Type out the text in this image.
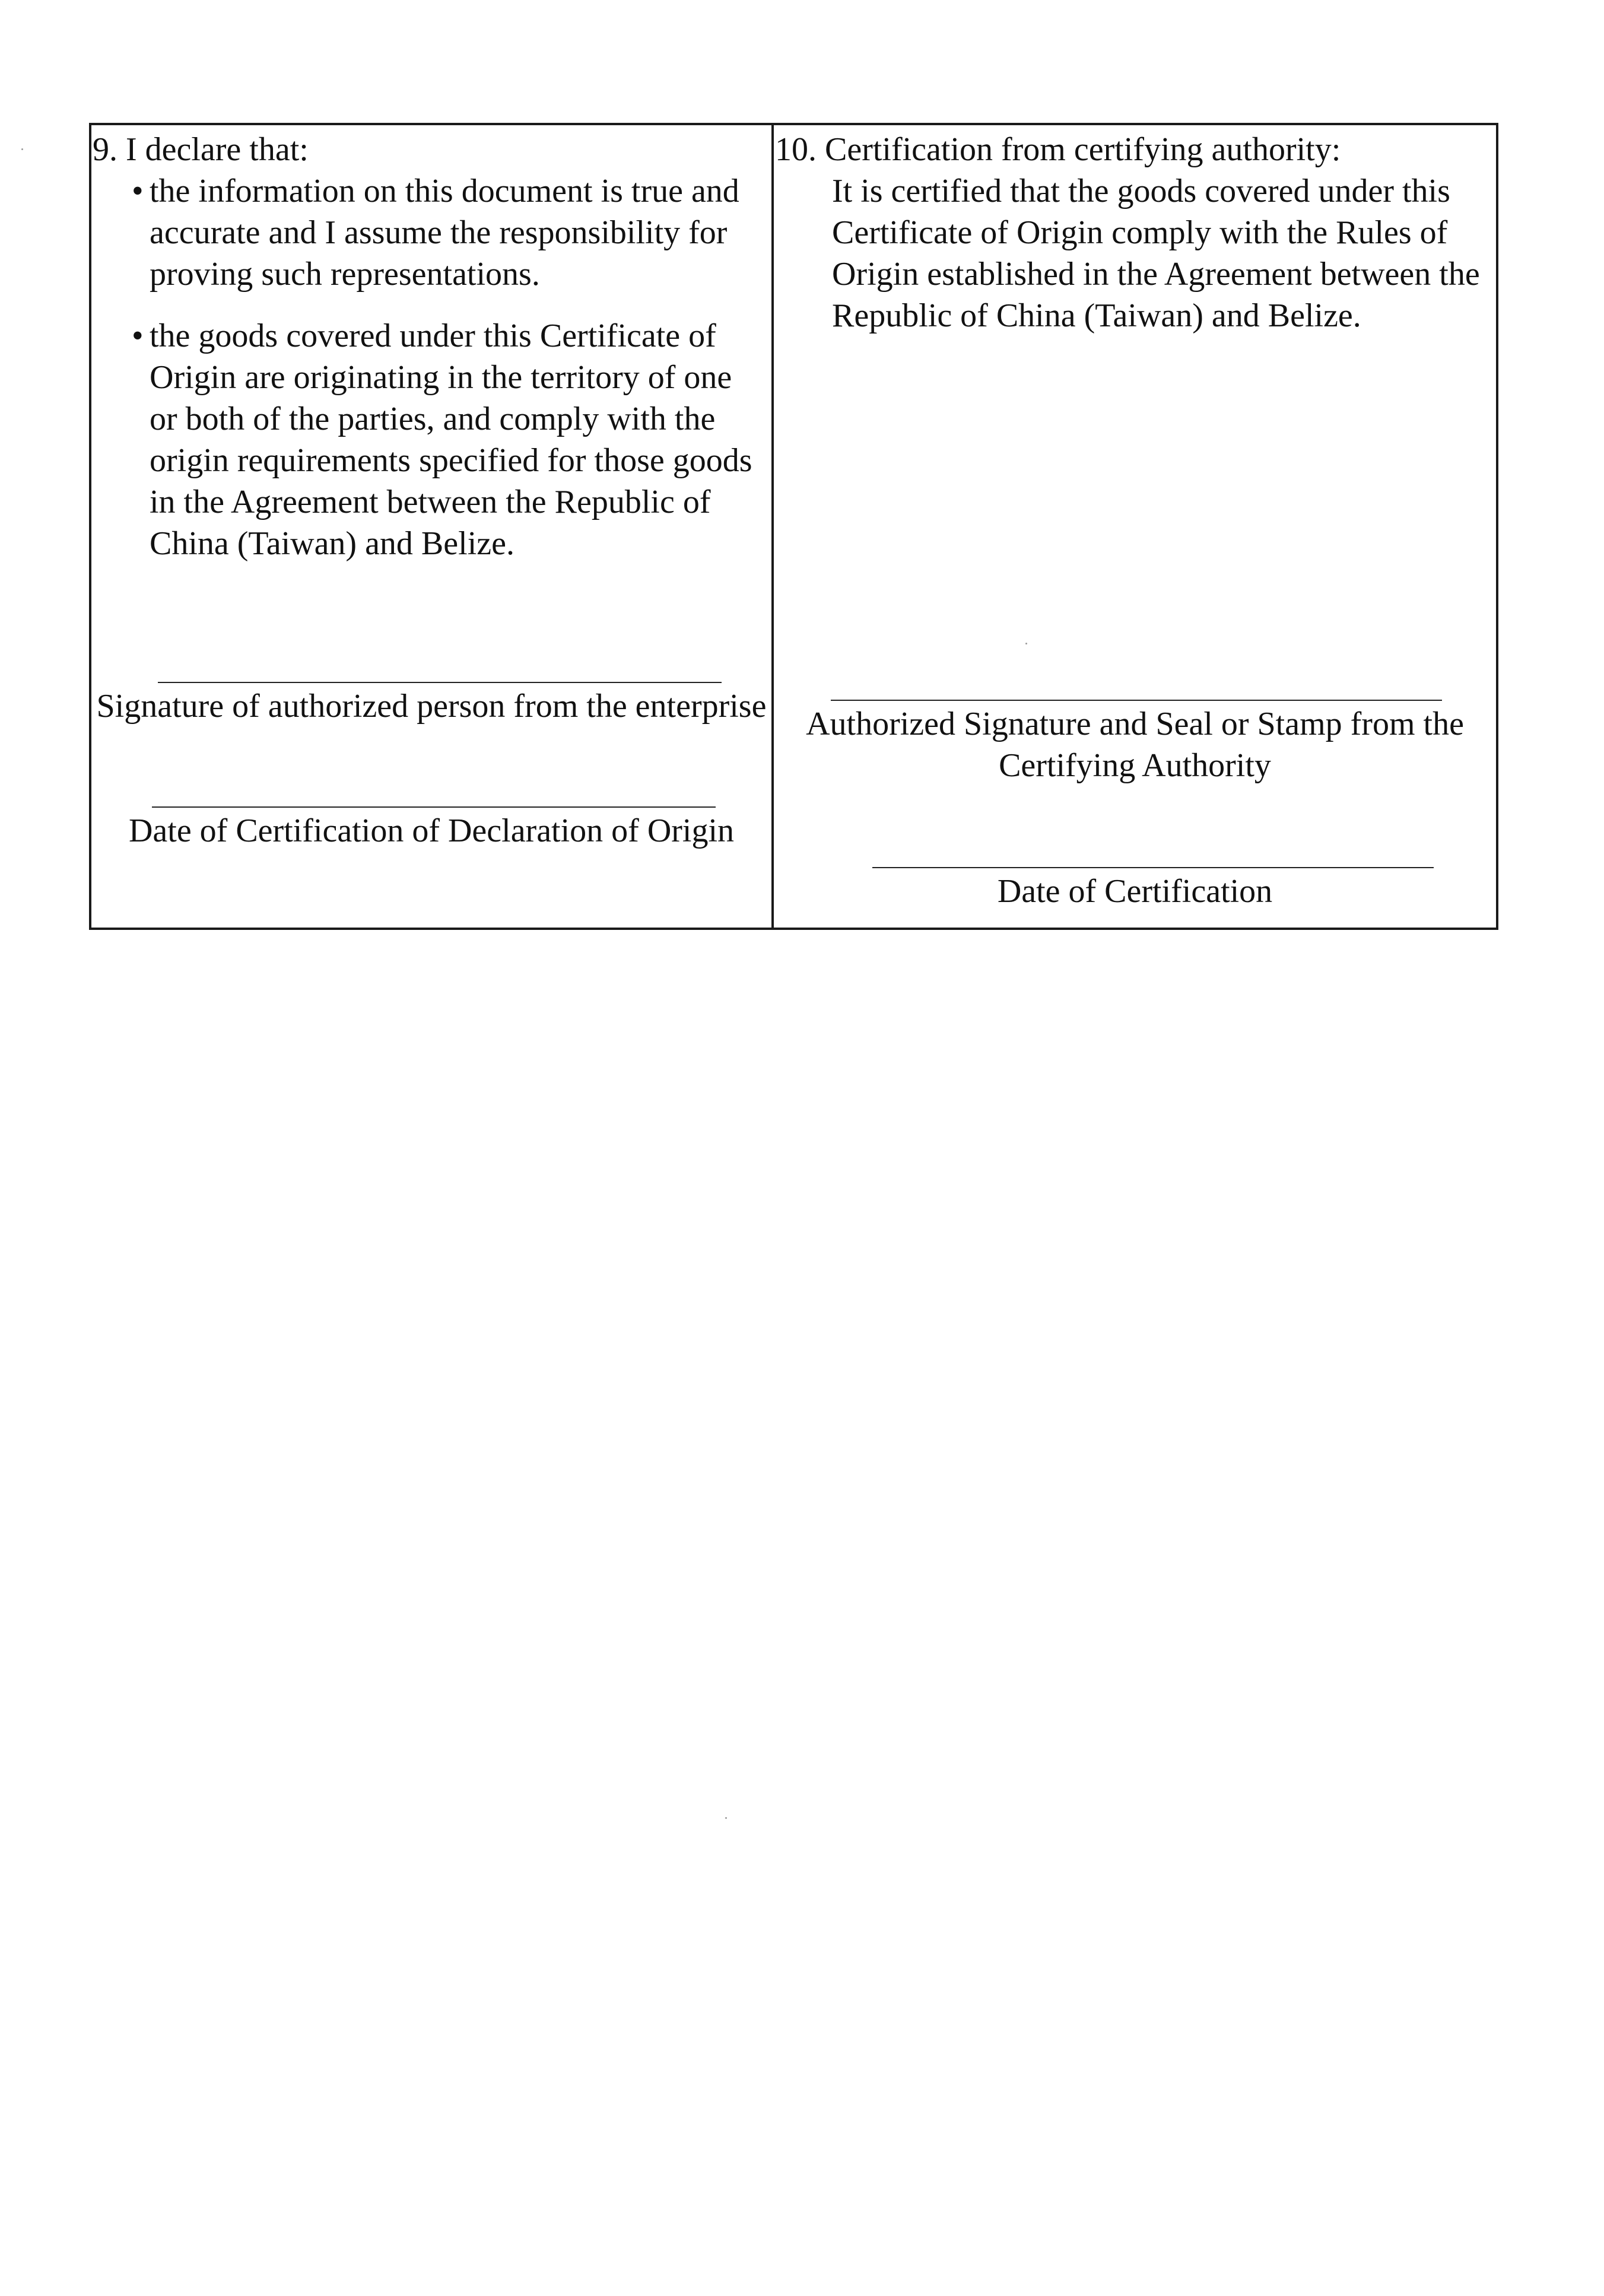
9. I declare that:
• the information on this document is true and accurate and I assume the responsibility for proving such representations.
• the goods covered under this Certificate of Origin are originating in the territory of one or both of the parties, and comply with the origin requirements specified for those goods in the Agreement between the Republic of China (Taiwan) and Belize.
Signature of authorized person from the enterprise
Date of Certification of Declaration of Origin
10. Certification from certifying authority:
It is certified that the goods covered under this Certificate of Origin comply with the Rules of Origin established in the Agreement between the Republic of China (Taiwan) and Belize.
Authorized Signature and Seal or Stamp from the Certifying Authority
Date of Certification
